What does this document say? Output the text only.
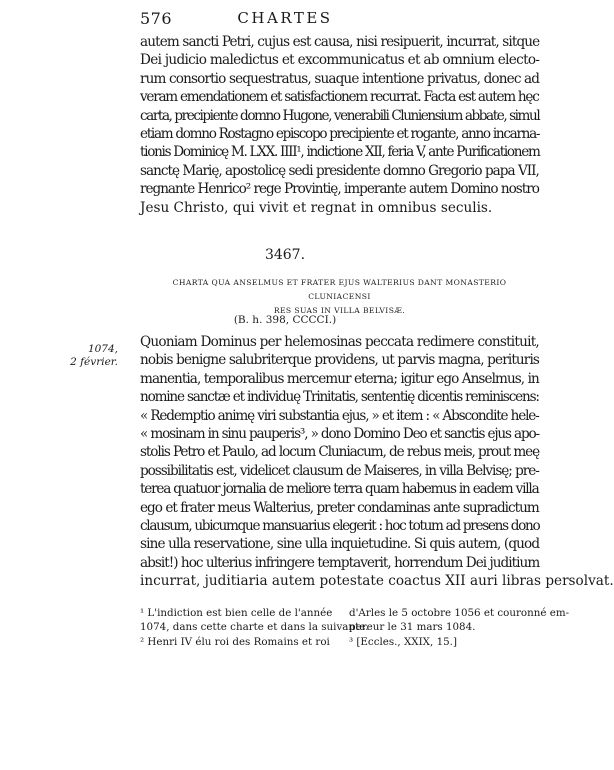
576	CHARTES
autem sancti Petri, cujus est causa, nisi resipuerit, incurrat, sitque
Dei judicio maledictus et excommunicatus et ab omnium electo-
rum consortio sequestratus, suaque intentione privatus, donec ad
veram emendationem et satisfactionem recurrat. Facta est autem hęc
carta, precipiente domno Hugone, venerabili Cluniensium abbate, simul
etiam domno Rostagno episcopo precipiente et rogante, anno incarna-
tionis Dominicę M. LXX. IIII¹, indictione XII, feria V, ante Purificationem
sanctę Marię, apostolicę sedi presidente domno Gregorio papa VII,
regnante Henrico² rege Provintię, imperante autem Domino nostro
Jesu Christo, qui vivit et regnat in omnibus seculis.
3467.
CHARTA QUA ANSELMUS ET FRATER EJUS WALTERIUS DANT MONASTERIO CLUNIACENSI
RES SUAS IN VILLA BELVISÆ.
(B. h. 398, CCCCI.)
1074,
2 février.
Quoniam Dominus per helemosinas peccata redimere constituit,
nobis benigne salubriterque providens, ut parvis magna, perituris
manentia, temporalibus mercemur eterna; igitur ego Anselmus, in
nomine sanctæ et individuę Trinitatis, sententię dicentis reminiscens:
« Redemptio animę viri substantia ejus, » et item : « Abscondite hele-
« mosinam in sinu pauperis³, » dono Domino Deo et sanctis ejus apo-
stolis Petro et Paulo, ad locum Cluniacum, de rebus meis, prout meę
possibilitatis est, videlicet clausum de Maiseres, in villa Belvisę; pre-
terea quatuor jornalia de meliore terra quam habemus in eadem villa
ego et frater meus Walterius, preter condaminas ante supradictum
clausum, ubicumque mansuarius elegerit : hoc totum ad presens dono
sine ulla reservatione, sine ulla inquietudine. Si quis autem, (quod
absit!) hoc ulterius infringere temptaverit, horrendum Dei juditium
incurrat, juditiaria autem potestate coactus XII auri libras persolvat.
¹ L'indiction est bien celle de l'année
1074, dans cette charte et dans la suivante.
² Henri IV élu roi des Romains et roi
d'Arles le 5 octobre 1056 et couronné em-
pereur le 31 mars 1084.
³ [Eccles., XXIX, 15.]
